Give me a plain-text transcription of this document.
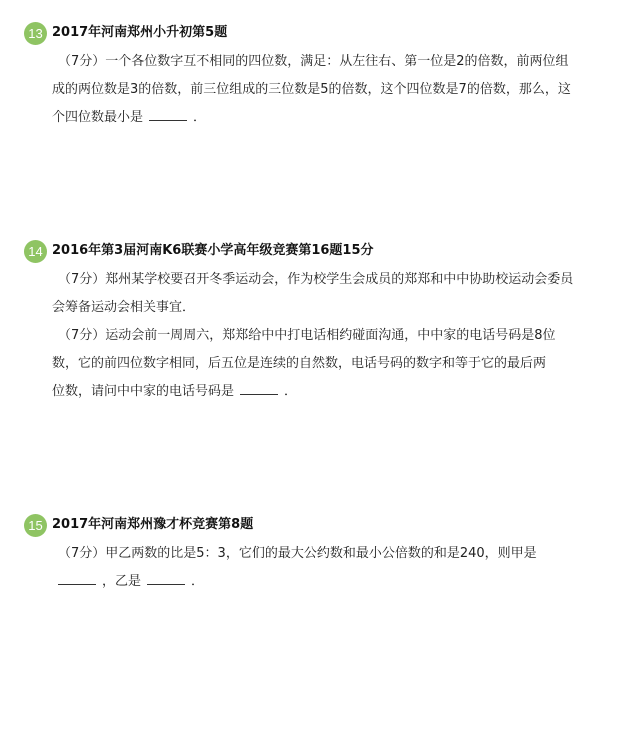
13 2017年河南郑州小升初第5题
（7分）一个各位数字互不相同的四位数，满足：从左往右、第一位是2的倍数，前两位组
成的两位数是3的倍数，前三位组成的三位数是5的倍数，这个四位数是7的倍数，那么，这
个四位数最小是	．
14 2016年第3届河南K6联赛小学高年级竞赛第16题15分
（7分）郑州某学校要召开冬季运动会，作为校学生会成员的郑郑和中中协助校运动会委员
会筹备运动会相关事宜．
（7分）运动会前一周周六，郑郑给中中打电话相约碰面沟通，中中家的电话号码是8位
数，它的前四位数字相同，后五位是连续的自然数，电话号码的数字和等于它的最后两
位数，请问中中家的电话号码是	．
15 2017年河南郑州豫才杯竞赛第8题
（7分）甲乙两数的比是5：3，它们的最大公约数和最小公倍数的和是240，则甲是
，乙是	．
